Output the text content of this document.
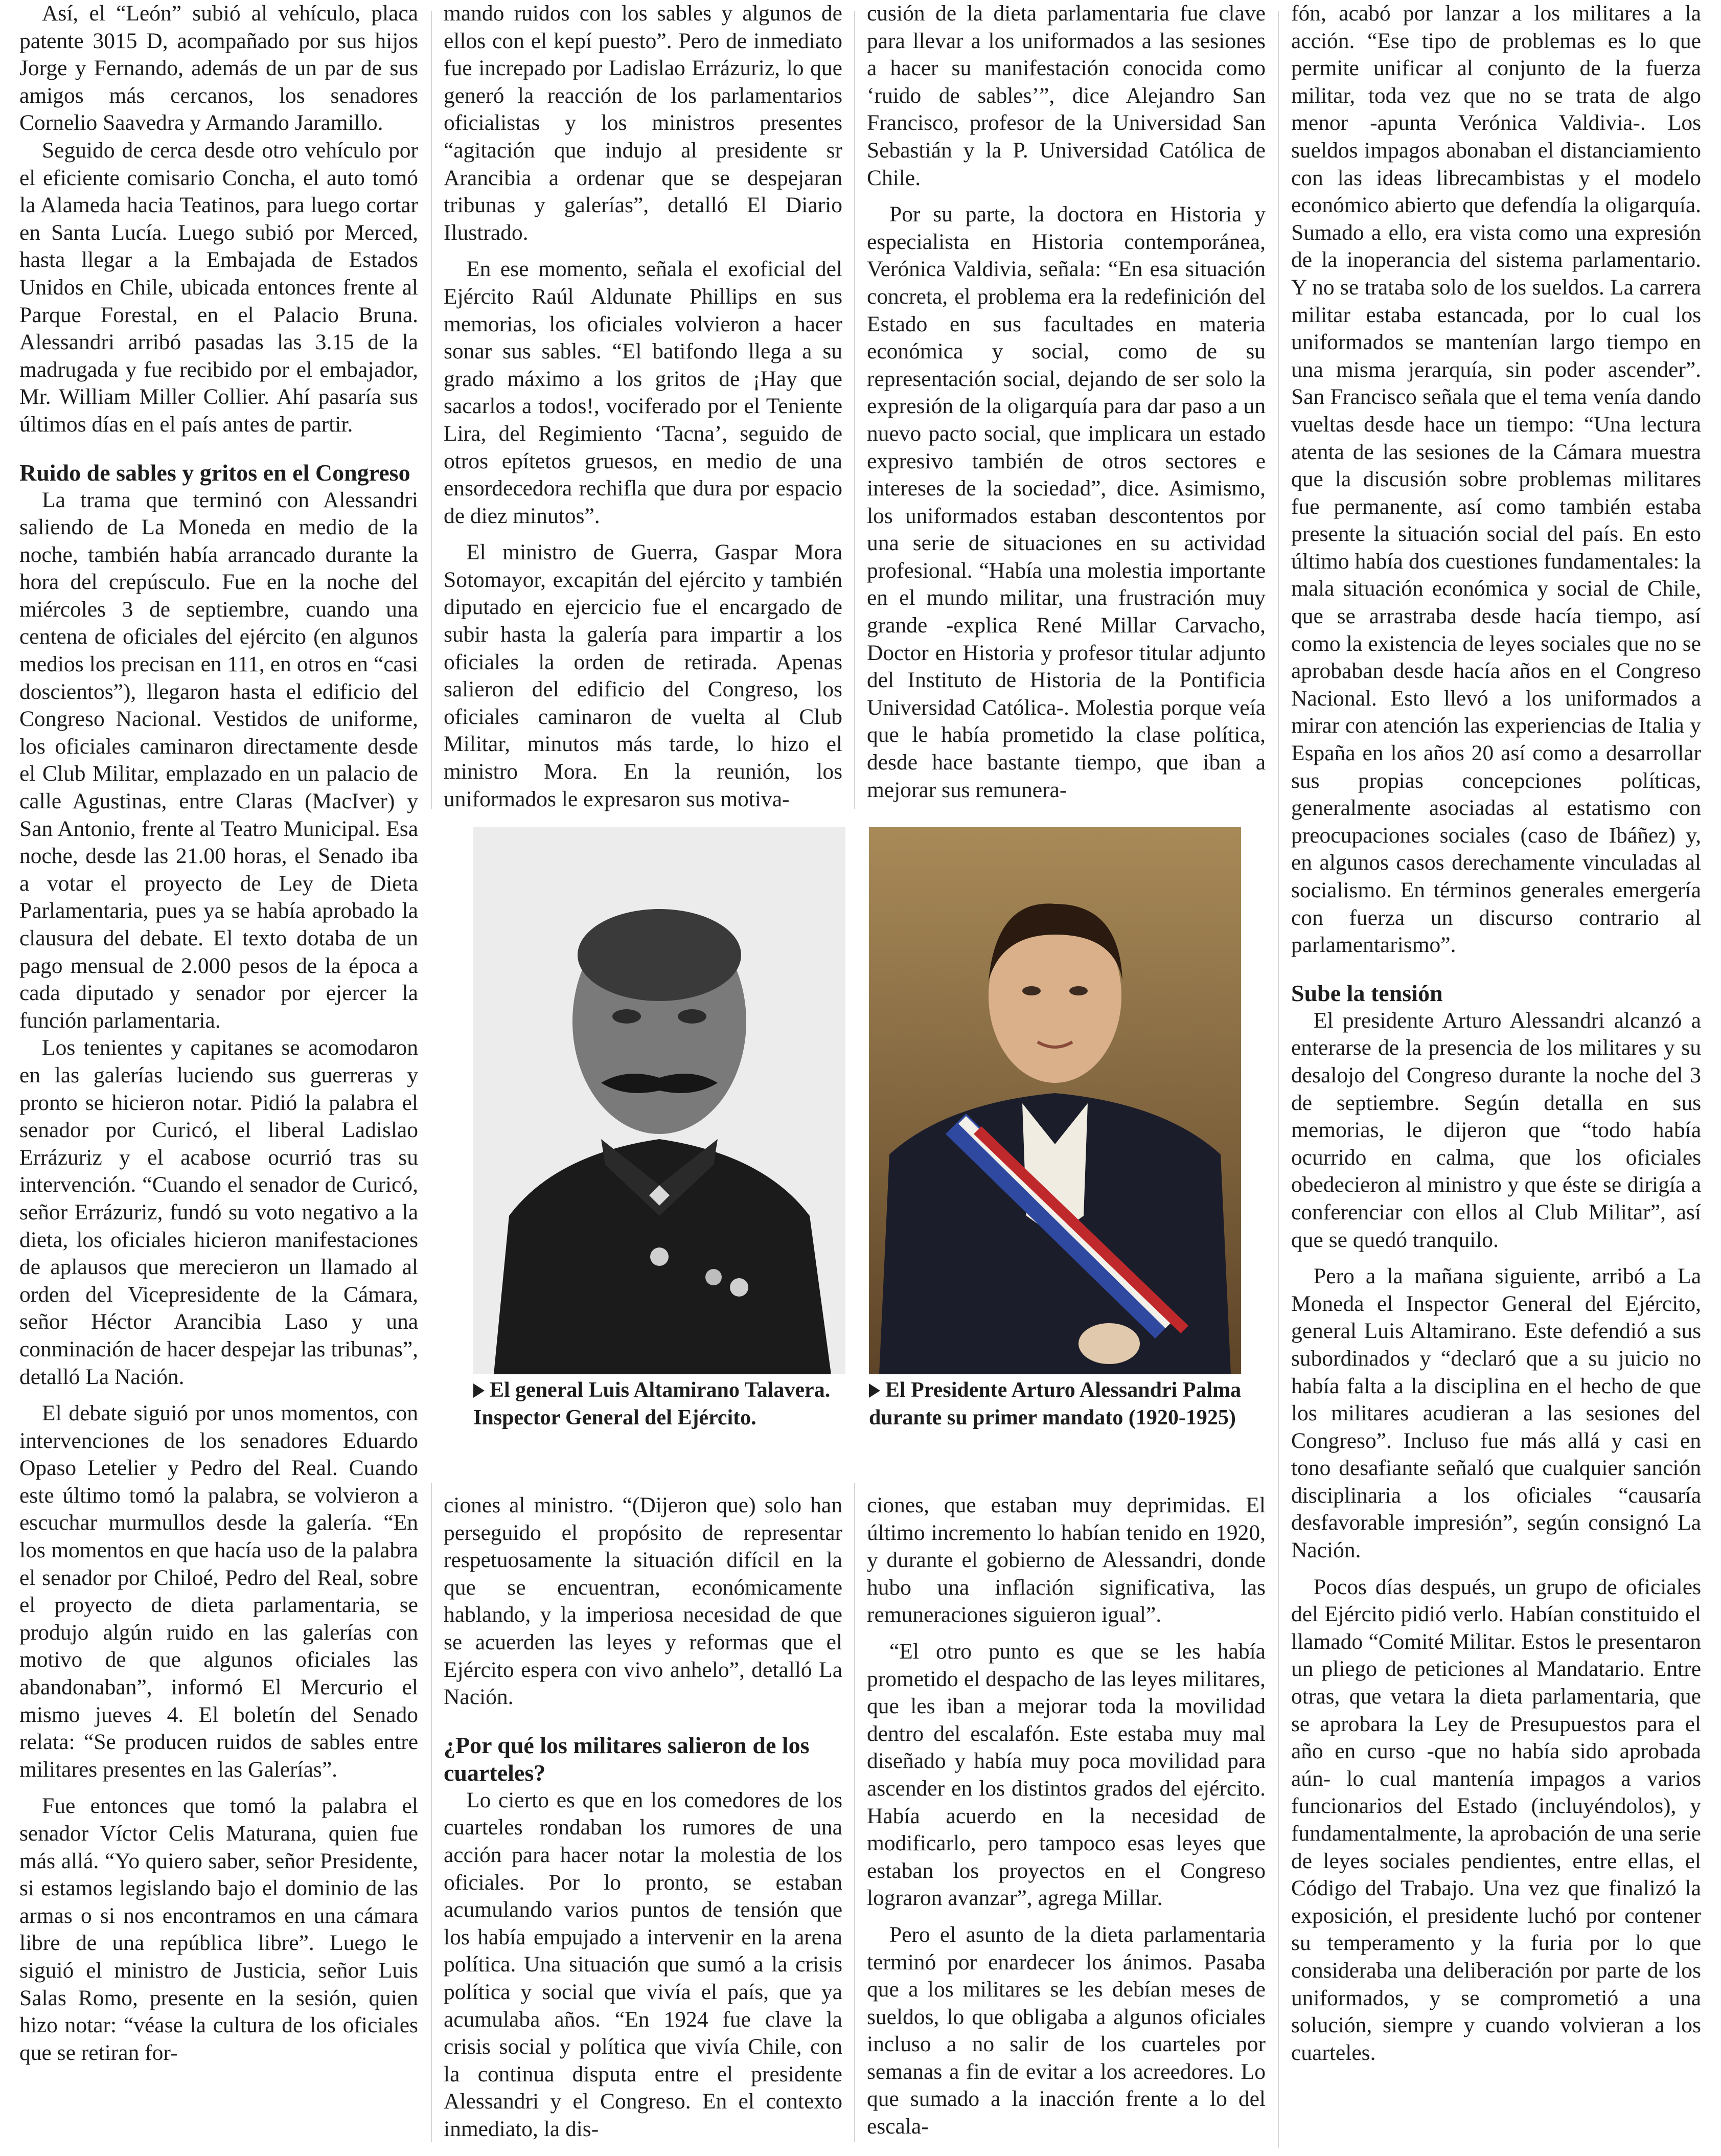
Así, el “León” subió al vehículo, placa patente 3015 D, acompañado por sus hijos Jorge y Fernando, además de un par de sus amigos más cercanos, los senadores Cornelio Saavedra y Armando Jaramillo.

Seguido de cerca desde otro vehículo por el eficiente comisario Concha, el auto tomó la Alameda hacia Teatinos, para luego cortar en Santa Lucía. Luego subió por Merced, hasta llegar a la Embajada de Estados Unidos en Chile, ubicada entonces frente al Parque Forestal, en el Palacio Bruna. Alessandri arribó pasadas las 3.15 de la madrugada y fue recibido por el embajador, Mr. William Miller Collier. Ahí pasaría sus últimos días en el país antes de partir.

Ruido de sables y gritos en el Congreso

La trama que terminó con Alessandri saliendo de La Moneda en medio de la noche, también había arrancado durante la hora del crepúsculo. Fue en la noche del miércoles 3 de septiembre, cuando una centena de oficiales del ejército (en algunos medios los precisan en 111, en otros en “casi doscientos”), llegaron hasta el edificio del Congreso Nacional. Vestidos de uniforme, los oficiales caminaron directamente desde el Club Militar, emplazado en un palacio de calle Agustinas, entre Claras (MacIver) y San Antonio, frente al Teatro Municipal. Esa noche, desde las 21.00 horas, el Senado iba a votar el proyecto de Ley de Dieta Parlamentaria, pues ya se había aprobado la clausura del debate. El texto dotaba de un pago mensual de 2.000 pesos de la época a cada diputado y senador por ejercer la función parlamentaria.

Los tenientes y capitanes se acomodaron en las galerías luciendo sus guerreras y pronto se hicieron notar. Pidió la palabra el senador por Curicó, el liberal Ladislao Errázuriz y el acabose ocurrió tras su intervención. “Cuando el senador de Curicó, señor Errázuriz, fundó su voto negativo a la dieta, los oficiales hicieron manifestaciones de aplausos que merecieron un llamado al orden del Vicepresidente de la Cámara, señor Héctor Arancibia Laso y una conminación de hacer despejar las tribunas”, detalló La Nación.

El debate siguió por unos momentos, con intervenciones de los senadores Eduardo Opaso Letelier y Pedro del Real. Cuando este último tomó la palabra, se volvieron a escuchar murmullos desde la galería. “En los momentos en que hacía uso de la palabra el senador por Chiloé, Pedro del Real, sobre el proyecto de dieta parlamentaria, se produjo algún ruido en las galerías con motivo de que algunos oficiales las abandonaban”, informó El Mercurio el mismo jueves 4. El boletín del Senado relata: “Se producen ruidos de sables entre militares presentes en las Galerías”.

Fue entonces que tomó la palabra el senador Víctor Celis Maturana, quien fue más allá. “Yo quiero saber, señor Presidente, si estamos legislando bajo el dominio de las armas o si nos encontramos en una cámara libre de una república libre”. Luego le siguió el ministro de Justicia, señor Luis Salas Romo, presente en la sesión, quien hizo notar: “véase la cultura de los oficiales que se retiran for-

mando ruidos con los sables y algunos de ellos con el kepí puesto”. Pero de inmediato fue increpado por Ladislao Errázuriz, lo que generó la reacción de los parlamentarios oficialistas y los ministros presentes “agitación que indujo al presidente sr Arancibia a ordenar que se despejaran tribunas y galerías”, detalló El Diario Ilustrado.

En ese momento, señala el exoficial del Ejército Raúl Aldunate Phillips en sus memorias, los oficiales volvieron a hacer sonar sus sables. “El batifondo llega a su grado máximo a los gritos de ¡Hay que sacarlos a todos!, vociferado por el Teniente Lira, del Regimiento ‘Tacna’, seguido de otros epítetos gruesos, en medio de una ensordecedora rechifla que dura por espacio de diez minutos”.

El ministro de Guerra, Gaspar Mora Sotomayor, excapitán del ejército y también diputado en ejercicio fue el encargado de subir hasta la galería para impartir a los oficiales la orden de retirada. Apenas salieron del edificio del Congreso, los oficiales caminaron de vuelta al Club Militar, minutos más tarde, lo hizo el ministro Mora. En la reunión, los uniformados le expresaron sus motiva-

cusión de la dieta parlamentaria fue clave para llevar a los uniformados a las sesiones a hacer su manifestación conocida como ‘ruido de sables’”, dice Alejandro San Francisco, profesor de la Universidad San Sebastián y la P. Universidad Católica de Chile.

Por su parte, la doctora en Historia y especialista en Historia contemporánea, Verónica Valdivia, señala: “En esa situación concreta, el problema era la redefinición del Estado en sus facultades en materia económica y social, como de su representación social, dejando de ser solo la expresión de la oligarquía para dar paso a un nuevo pacto social, que implicara un estado expresivo también de otros sectores e intereses de la sociedad”, dice. Asimismo, los uniformados estaban descontentos por una serie de situaciones en su actividad profesional. “Había una molestia importante en el mundo militar, una frustración muy grande -explica René Millar Carvacho, Doctor en Historia y profesor titular adjunto del Instituto de Historia de la Pontificia Universidad Católica-. Molestia porque veía que le había prometido la clase política, desde hace bastante tiempo, que iban a mejorar sus remunera-

fón, acabó por lanzar a los militares a la acción. “Ese tipo de problemas es lo que permite unificar al conjunto de la fuerza militar, toda vez que no se trata de algo menor -apunta Verónica Valdivia-. Los sueldos impagos abonaban el distanciamiento con las ideas librecambistas y el modelo económico abierto que defendía la oligarquía. Sumado a ello, era vista como una expresión de la inoperancia del sistema parlamentario. Y no se trataba solo de los sueldos. La carrera militar estaba estancada, por lo cual los uniformados se mantenían largo tiempo en una misma jerarquía, sin poder ascender”. San Francisco señala que el tema venía dando vueltas desde hace un tiempo: “Una lectura atenta de las sesiones de la Cámara muestra que la discusión sobre problemas militares fue permanente, así como también estaba presente la situación social del país. En esto último había dos cuestiones fundamentales: la mala situación económica y social de Chile, que se arrastraba desde hacía tiempo, así como la existencia de leyes sociales que no se aprobaban desde hacía años en el Congreso Nacional. Esto llevó a los uniformados a mirar con atención las experiencias de Italia y España en los años 20 así como a desarrollar sus propias concepciones políticas, generalmente asociadas al estatismo con preocupaciones sociales (caso de Ibáñez) y, en algunos casos derechamente vinculadas al socialismo. En términos generales emergería con fuerza un discurso contrario al parlamentarismo”.

Sube la tensión

El presidente Arturo Alessandri alcanzó a enterarse de la presencia de los militares y su desalojo del Congreso durante la noche del 3 de septiembre. Según detalla en sus memorias, le dijeron que “todo había ocurrido en calma, que los oficiales obedecieron al ministro y que éste se dirigía a conferenciar con ellos al Club Militar”, así que se quedó tranquilo.

Pero a la mañana siguiente, arribó a La Moneda el Inspector General del Ejército, general Luis Altamirano. Este defendió a sus subordinados y “declaró que a su juicio no había falta a la disciplina en el hecho de que los militares acudieran a las sesiones del Congreso”. Incluso fue más allá y casi en tono desafiante señaló que cualquier sanción disciplinaria a los oficiales “causaría desfavorable impresión”, según consignó La Nación.

Pocos días después, un grupo de oficiales del Ejército pidió verlo. Habían constituido el llamado “Comité Militar. Estos le presentaron un pliego de peticiones al Mandatario. Entre otras, que vetara la dieta parlamentaria, que se aprobara la Ley de Presupuestos para el año en curso -que no había sido aprobada aún- lo cual mantenía impagos a varios funcionarios del Estado (incluyéndolos), y fundamentalmente, la aprobación de una serie de leyes sociales pendientes, entre ellas, el Código del Trabajo. Una vez que finalizó la exposición, el presidente luchó por contener su temperamento y la furia por lo que consideraba una deliberación por parte de los uniformados, y se comprometió a una solución, siempre y cuando volvieran a los cuarteles.

El general Luis Altamirano Talavera. Inspector General del Ejército.
El Presidente Arturo Alessandri Palma durante su primer mandato (1920-1925)

ciones al ministro. “(Dijeron que) solo han perseguido el propósito de representar respetuosamente la situación difícil en la que se encuentran, económicamente hablando, y la imperiosa necesidad de que se acuerden las leyes y reformas que el Ejército espera con vivo anhelo”, detalló La Nación.

¿Por qué los militares salieron de los cuarteles?

Lo cierto es que en los comedores de los cuarteles rondaban los rumores de una acción para hacer notar la molestia de los oficiales. Por lo pronto, se estaban acumulando varios puntos de tensión que los había empujado a intervenir en la arena política. Una situación que sumó a la crisis política y social que vivía el país, que ya acumulaba años. “En 1924 fue clave la crisis social y política que vivía Chile, con la continua disputa entre el presidente Alessandri y el Congreso. En el contexto inmediato, la dis-

ciones, que estaban muy deprimidas. El último incremento lo habían tenido en 1920, y durante el gobierno de Alessandri, donde hubo una inflación significativa, las remuneraciones siguieron igual”.

“El otro punto es que se les había prometido el despacho de las leyes militares, que les iban a mejorar toda la movilidad dentro del escalafón. Este estaba muy mal diseñado y había muy poca movilidad para ascender en los distintos grados del ejército. Había acuerdo en la necesidad de modificarlo, pero tampoco esas leyes que estaban los proyectos en el Congreso lograron avanzar”, agrega Millar.

Pero el asunto de la dieta parlamentaria terminó por enardecer los ánimos. Pasaba que a los militares se les debían meses de sueldos, lo que obligaba a algunos oficiales incluso a no salir de los cuarteles por semanas a fin de evitar a los acreedores. Lo que sumado a la inacción frente a lo del escala-
